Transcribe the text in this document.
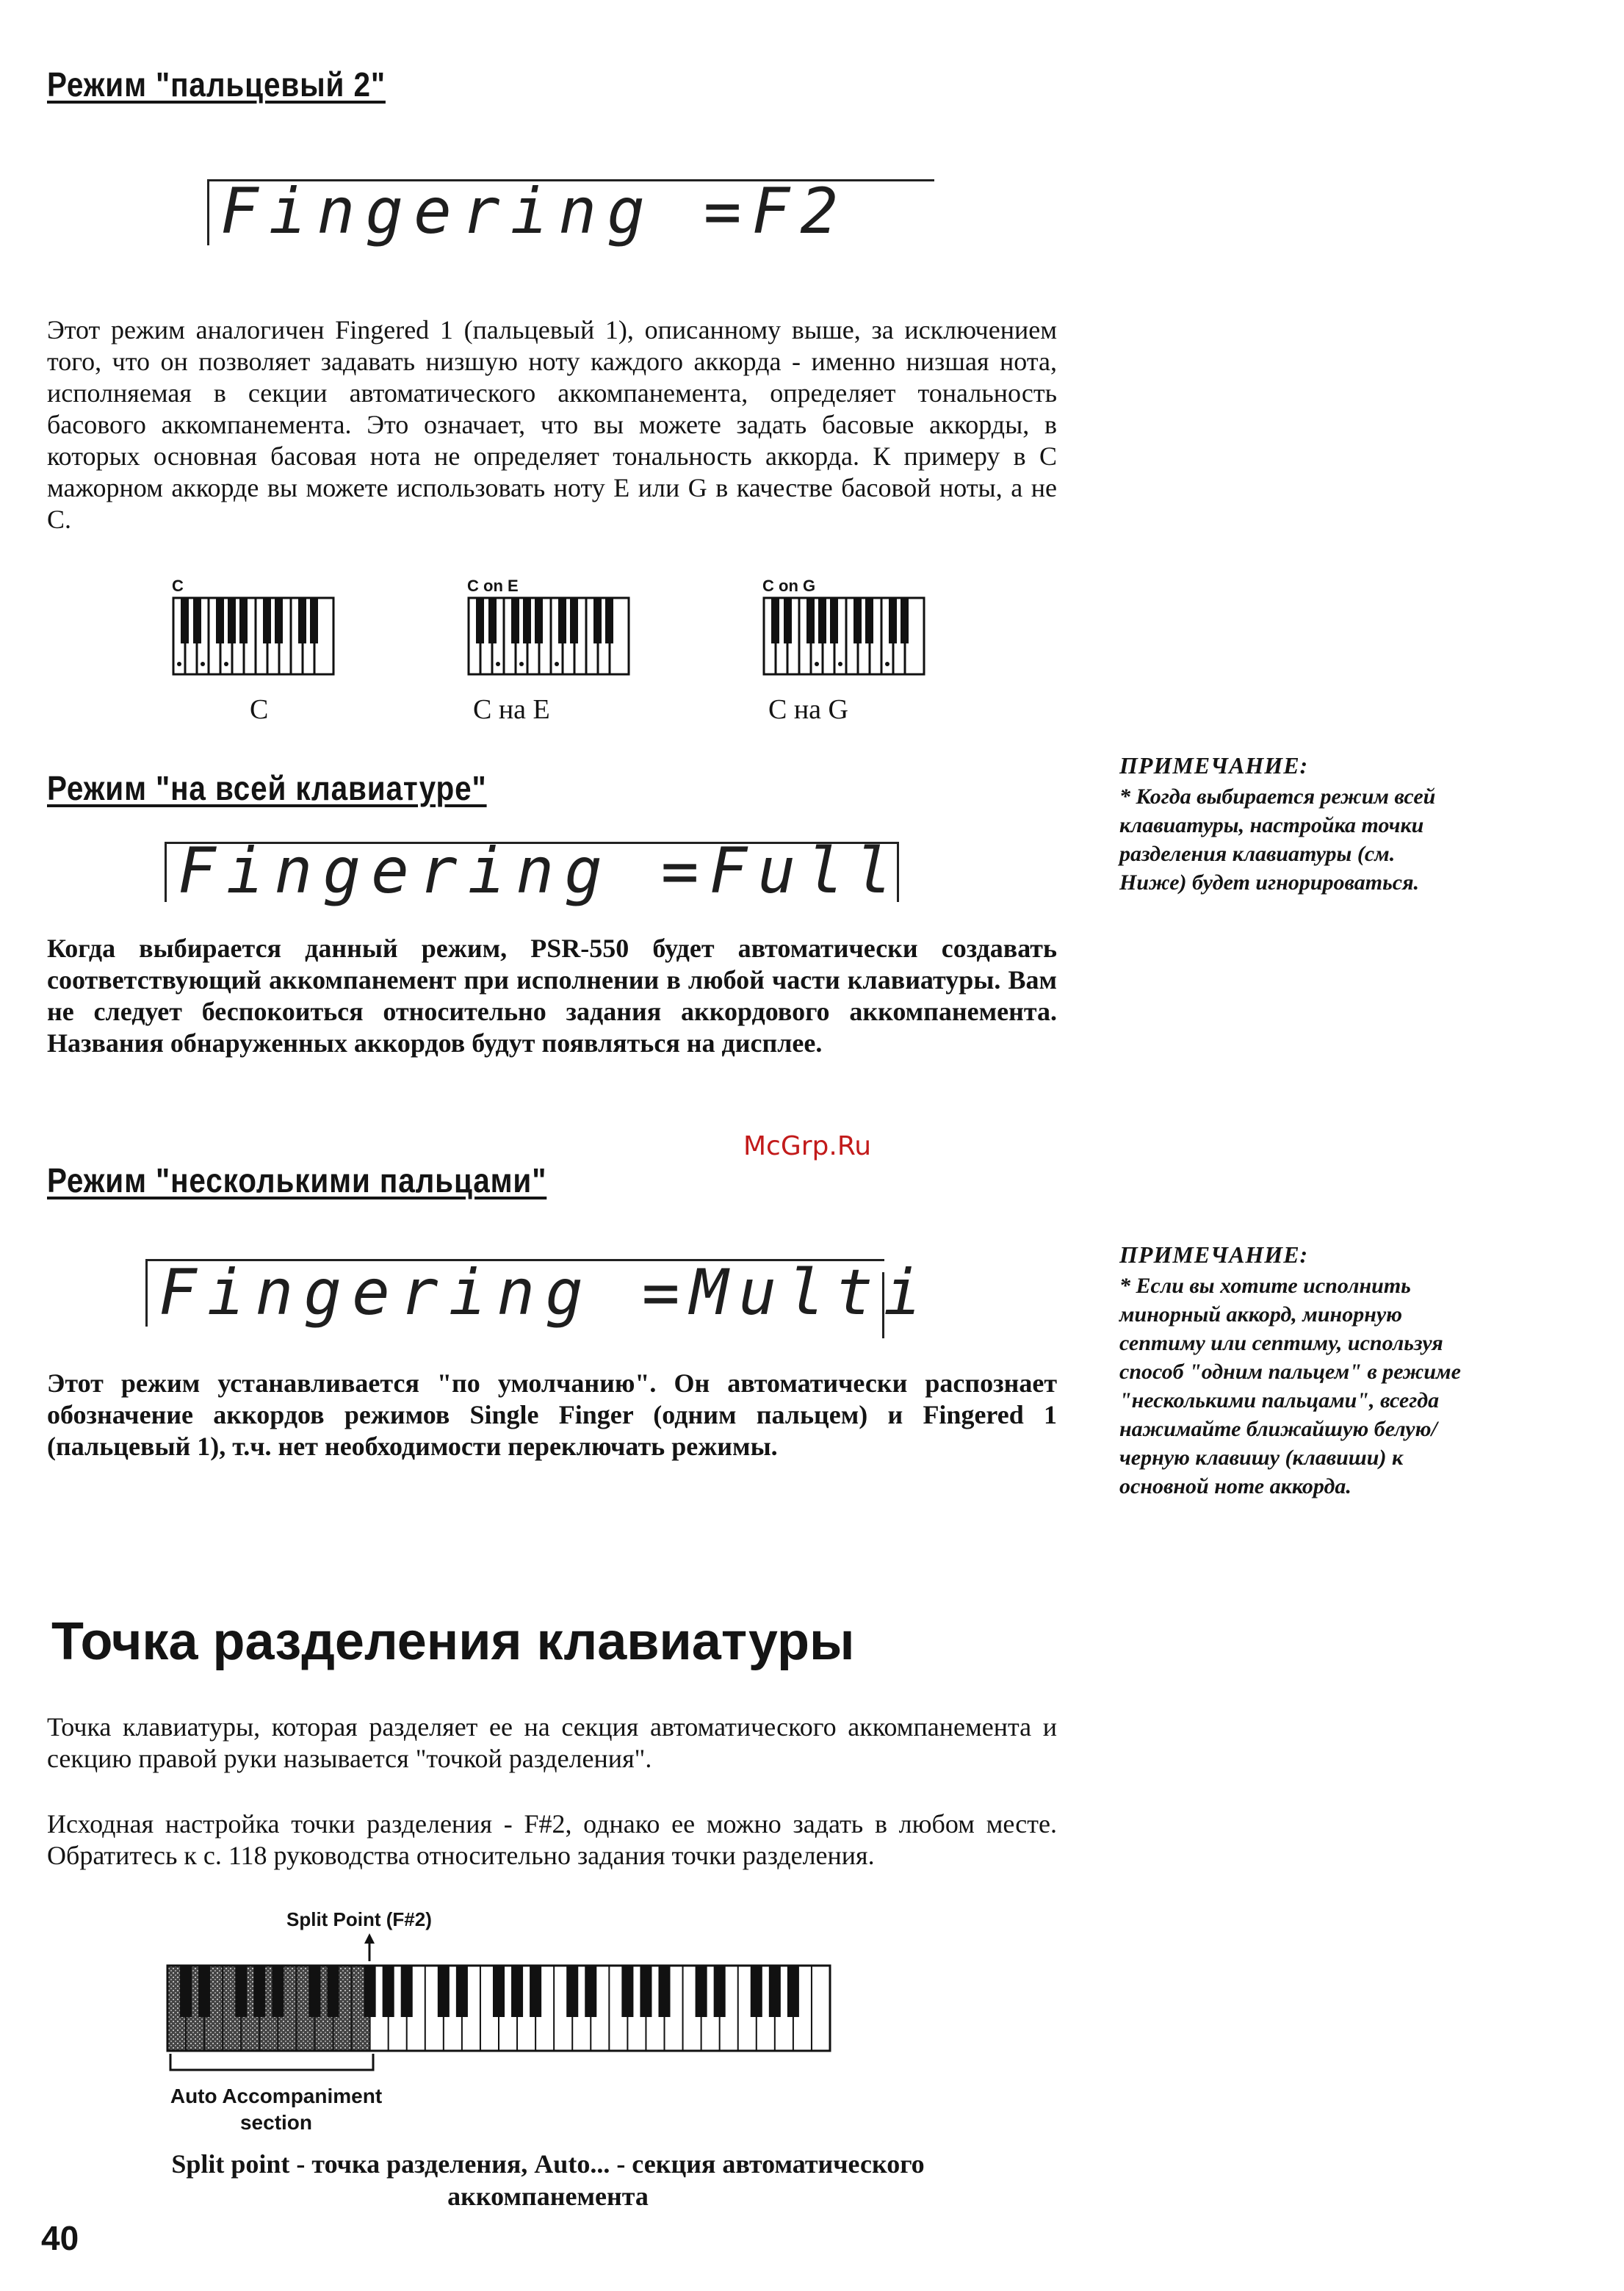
Режим "пальцевый 2"
Fingering =F2
Этот режим аналогичен Fingered 1 (пальцевый 1), описанному выше, за исключением того, что он позволяет задавать низшую ноту каждого аккорда - именно низшая нота, исполняемая в секции автоматического аккомпанемента, определяет тональность басового аккомпанемента. Это означает, что вы можете задать басовые аккорды, в которых основная басовая нота не определяет тональность аккорда. К примеру в С мажорном аккорде вы можете использовать ноту Е или G в качестве басовой ноты, а не С.
C	C on E	C on G
C	С на Е	С на G
Режим "на всей клавиатуре"
Fingering =Full
Когда выбирается данный режим, PSR-550 будет автоматически создавать соответствующий аккомпанемент при исполнении в любой части клавиатуры. Вам не следует беспокоиться относительно задания аккордового аккомпанемента. Названия обнаруженных аккордов будут появляться на дисплее.
McGrp.Ru
Режим "несколькими пальцами"
Fingering =Multi
Этот режим устанавливается "по умолчанию". Он автоматически распознает обозначение аккордов режимов Single Finger (одним пальцем) и Fingered 1 (пальцевый 1), т.ч. нет необходимости переключать режимы.
ПРИМЕЧАНИЕ:
* Когда выбирается режим всей клавиатуры, настройка точки разделения клавиатуры (см. Ниже) будет игнорироваться.
ПРИМЕЧАНИЕ:
* Если вы хотите исполнить минорный аккорд, минорную септиму или септиму, используя способ "одним пальцем" в режиме "несколькими пальцами", всегда нажимайте ближайшую белую/черную клавишу (клавиши) к основной ноте аккорда.
Точка разделения клавиатуры
Точка клавиатуры, которая разделяет ее на секция автоматического аккомпанемента и секцию правой руки называется "точкой разделения".
Исходная настройка точки разделения - F#2, однако ее можно задать в любом месте. Обратитесь к с. 118 руководства относительно задания точки разделения.
Split Point (F#2)
Auto Accompaniment
section
Split point - точка разделения, Auto... - секция автоматического аккомпанемента
40
